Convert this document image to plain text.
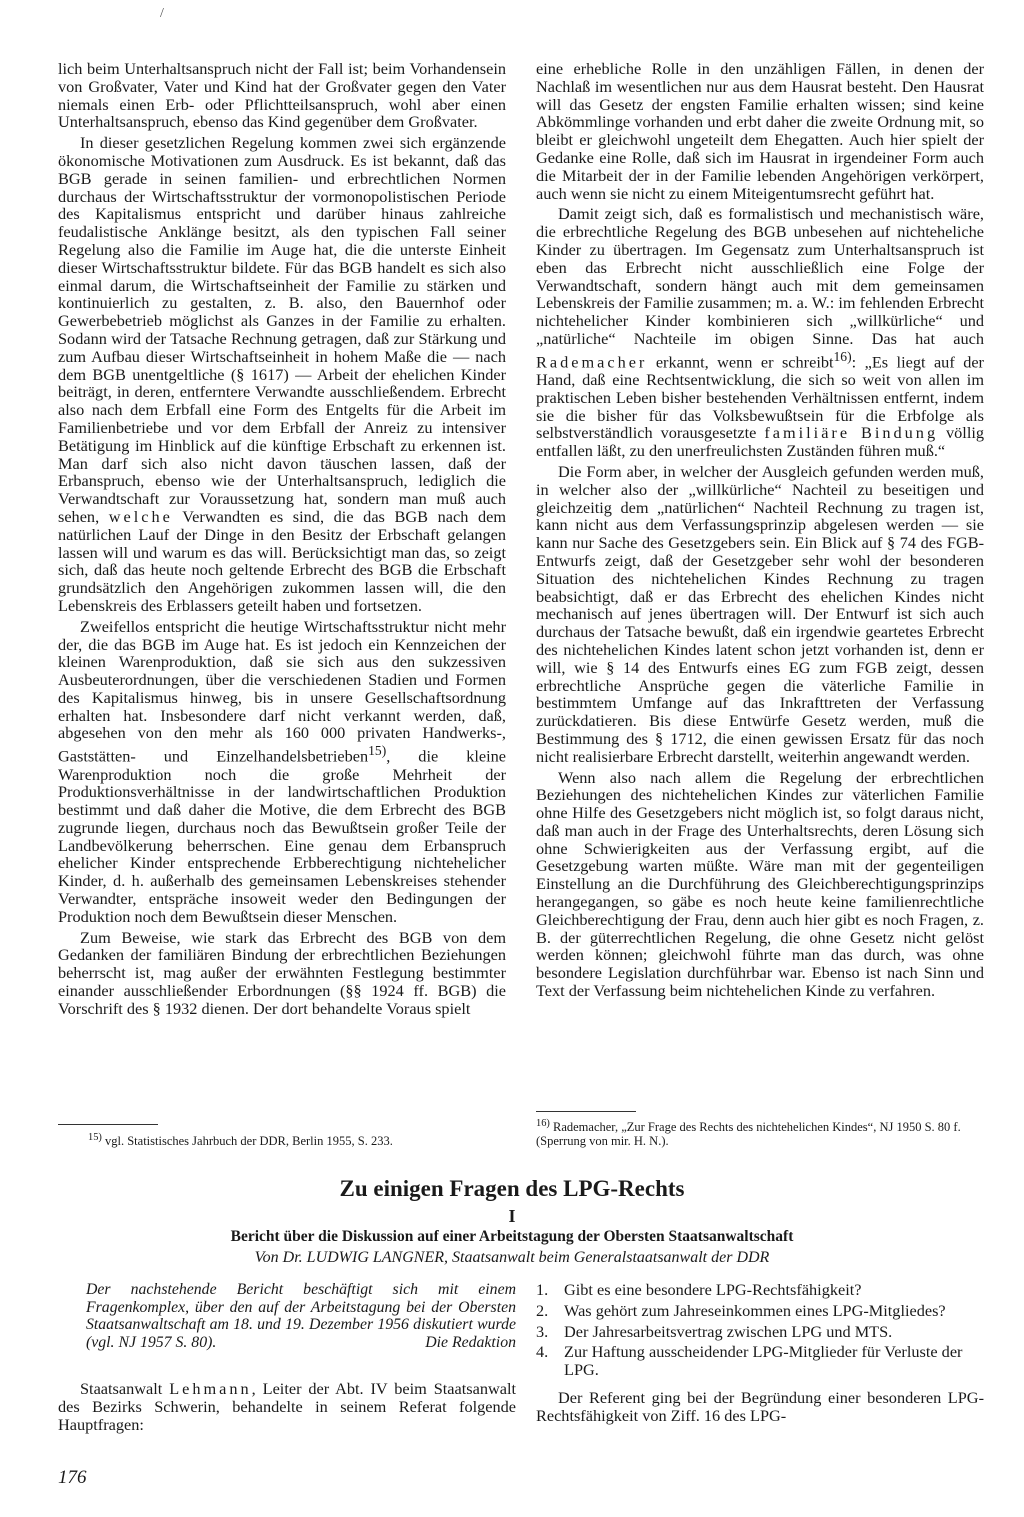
/

lich beim Unterhaltsanspruch nicht der Fall ist; beim Vorhandensein von Großvater, Vater und Kind hat der Großvater gegen den Vater niemals einen Erb- oder Pflichtteilsanspruch, wohl aber einen Unterhaltsanspruch, ebenso das Kind gegenüber dem Großvater.

In dieser gesetzlichen Regelung kommen zwei sich ergänzende ökonomische Motivationen zum Ausdruck. Es ist bekannt, daß das BGB gerade in seinen familien- und erbrechtlichen Normen durchaus der Wirtschaftsstruktur der vormonopolistischen Periode des Kapitalismus entspricht und darüber hinaus zahlreiche feudalistische Anklänge besitzt, als den typischen Fall seiner Regelung also die Familie im Auge hat, die die unterste Einheit dieser Wirtschaftsstruktur bildete. Für das BGB handelt es sich also einmal darum, die Wirtschaftseinheit der Familie zu stärken und kontinuierlich zu gestalten, z. B. also, den Bauernhof oder Gewerbebetrieb möglichst als Ganzes in der Familie zu erhalten. Sodann wird der Tatsache Rechnung getragen, daß zur Stärkung und zum Aufbau dieser Wirtschaftseinheit in hohem Maße die — nach dem BGB unentgeltliche (§ 1617) — Arbeit der ehelichen Kinder beiträgt, in deren, entferntere Verwandte ausschließendem. Erbrecht also nach dem Erbfall eine Form des Entgelts für die Arbeit im Familienbetriebe und vor dem Erbfall der Anreiz zu intensiver Betätigung im Hinblick auf die künftige Erbschaft zu erkennen ist. Man darf sich also nicht davon täuschen lassen, daß der Erbanspruch, ebenso wie der Unterhaltsanspruch, lediglich die Verwandtschaft zur Voraussetzung hat, sondern man muß auch sehen, welche Verwandten es sind, die das BGB nach dem natürlichen Lauf der Dinge in den Besitz der Erbschaft gelangen lassen will und warum es das will. Berücksichtigt man das, so zeigt sich, daß das heute noch geltende Erbrecht des BGB die Erbschaft grundsätzlich den Angehörigen zukommen lassen will, die den Lebenskreis des Erblassers geteilt haben und fortsetzen.

Zweifellos entspricht die heutige Wirtschaftsstruktur nicht mehr der, die das BGB im Auge hat. Es ist jedoch ein Kennzeichen der kleinen Warenproduktion, daß sie sich aus den sukzessiven Ausbeuterordnungen, über die verschiedenen Stadien und Formen des Kapitalismus hinweg, bis in unsere Gesellschaftsordnung erhalten hat. Insbesondere darf nicht verkannt werden, daß, abgesehen von den mehr als 160 000 privaten Handwerks-, Gaststätten- und Einzelhandelsbetrieben$^{15)}$, die kleine Warenproduktion noch die große Mehrheit der Produktionsverhältnisse in der landwirtschaftlichen Produktion bestimmt und daß daher die Motive, die dem Erbrecht des BGB zugrunde liegen, durchaus noch das Bewußtsein großer Teile der Landbevölkerung beherrschen. Eine genau dem Erbanspruch ehelicher Kinder entsprechende Erbberechtigung nichtehelicher Kinder, d. h. außerhalb des gemeinsamen Lebenskreises stehender Verwandter, entspräche insoweit weder den Bedingungen der Produktion noch dem Bewußtsein dieser Menschen.

Zum Beweise, wie stark das Erbrecht des BGB von dem Gedanken der familiären Bindung der erbrechtlichen Beziehungen beherrscht ist, mag außer der erwähnten Festlegung bestimmter einander ausschließender Erbordnungen (§§ 1924 ff. BGB) die Vorschrift des § 1932 dienen. Der dort behandelte Voraus spielt

eine erhebliche Rolle in den unzähligen Fällen, in denen der Nachlaß im wesentlichen nur aus dem Hausrat besteht. Den Hausrat will das Gesetz der engsten Familie erhalten wissen; sind keine Abkömmlinge vorhanden und erbt daher die zweite Ordnung mit, so bleibt er gleichwohl ungeteilt dem Ehegatten. Auch hier spielt der Gedanke eine Rolle, daß sich im Hausrat in irgendeiner Form auch die Mitarbeit der in der Familie lebenden Angehörigen verkörpert, auch wenn sie nicht zu einem Miteigentumsrecht geführt hat.

Damit zeigt sich, daß es formalistisch und mechanistisch wäre, die erbrechtliche Regelung des BGB unbesehen auf nichteheliche Kinder zu übertragen. Im Gegensatz zum Unterhaltsanspruch ist eben das Erbrecht nicht ausschließlich eine Folge der Verwandtschaft, sondern hängt auch mit dem gemeinsamen Lebenskreis der Familie zusammen; m. a. W.: im fehlenden Erbrecht nichtehelicher Kinder kombinieren sich „willkürliche“ und „natürliche“ Nachteile im obigen Sinne. Das hat auch Rademacher erkannt, wenn er schreibt$^{16)}$: „Es liegt auf der Hand, daß eine Rechtsentwicklung, die sich so weit von allen im praktischen Leben bisher bestehenden Verhältnissen entfernt, indem sie die bisher für das Volksbewußtsein für die Erbfolge als selbstverständlich vorausgesetzte familiäre Bindung völlig entfallen läßt, zu den unerfreulichsten Zuständen führen muß.“

Die Form aber, in welcher der Ausgleich gefunden werden muß, in welcher also der „willkürliche“ Nachteil zu beseitigen und gleichzeitig dem „natürlichen“ Nachteil Rechnung zu tragen ist, kann nicht aus dem Verfassungsprinzip abgelesen werden — sie kann nur Sache des Gesetzgebers sein. Ein Blick auf § 74 des FGB-Entwurfs zeigt, daß der Gesetzgeber sehr wohl der besonderen Situation des nichtehelichen Kindes Rechnung zu tragen beabsichtigt, daß er das Erbrecht des ehelichen Kindes nicht mechanisch auf jenes übertragen will. Der Entwurf ist sich auch durchaus der Tatsache bewußt, daß ein irgendwie geartetes Erbrecht des nichtehelichen Kindes latent schon jetzt vorhanden ist, denn er will, wie § 14 des Entwurfs eines EG zum FGB zeigt, dessen erbrechtliche Ansprüche gegen die väterliche Familie in bestimmtem Umfange auf das Inkrafttreten der Verfassung zurückdatieren. Bis diese Entwürfe Gesetz werden, muß die Bestimmung des § 1712, die einen gewissen Ersatz für das noch nicht realisierbare Erbrecht darstellt, weiterhin angewandt werden.

Wenn also nach allem die Regelung der erbrechtlichen Beziehungen des nichtehelichen Kindes zur väterlichen Familie ohne Hilfe des Gesetzgebers nicht möglich ist, so folgt daraus nicht, daß man auch in der Frage des Unterhaltsrechts, deren Lösung sich ohne Schwierigkeiten aus der Verfassung ergibt, auf die Gesetzgebung warten müßte. Wäre man mit der gegenteiligen Einstellung an die Durchführung des Gleichberechtigungsprinzips herangegangen, so gäbe es noch heute keine familienrechtliche Gleichberechtigung der Frau, denn auch hier gibt es noch Fragen, z. B. der güterrechtlichen Regelung, die ohne Gesetz nicht gelöst werden können; gleichwohl führte man das durch, was ohne besondere Legislation durchführbar war. Ebenso ist nach Sinn und Text der Verfassung beim nichtehelichen Kinde zu verfahren.

$^{15)}$ vgl. Statistisches Jahrbuch der DDR, Berlin 1955, S. 233.
$^{16)}$ Rademacher, „Zur Frage des Rechts des nichtehelichen Kindes“, NJ 1950 S. 80 f. (Sperrung von mir. H. N.).
Zu einigen Fragen des LPG-Rechts
I
Bericht über die Diskussion auf einer Arbeitstagung der Obersten Staatsanwaltschaft
Von Dr. LUDWIG LANGNER, Staatsanwalt beim Generalstaatsanwalt der DDR
Der nachstehende Bericht beschäftigt sich mit einem Fragenkomplex, über den auf der Arbeitstagung bei der Obersten Staatsanwaltschaft am 18. und 19. Dezember 1956 diskutiert wurde (vgl. NJ 1957 S. 80).	Die Redaktion

Staatsanwalt Lehmann, Leiter der Abt. IV beim Staatsanwalt des Bezirks Schwerin, behandelte in seinem Referat folgende Hauptfragen:

1. Gibt es eine besondere LPG-Rechtsfähigkeit?
2. Was gehört zum Jahreseinkommen eines LPG-Mitgliedes?
3. Der Jahresarbeitsvertrag zwischen LPG und MTS.
4. Zur Haftung ausscheidender LPG-Mitglieder für Verluste der LPG.

Der Referent ging bei der Begründung einer besonderen LPG-Rechtsfähigkeit von Ziff. 16 des LPG-

176
